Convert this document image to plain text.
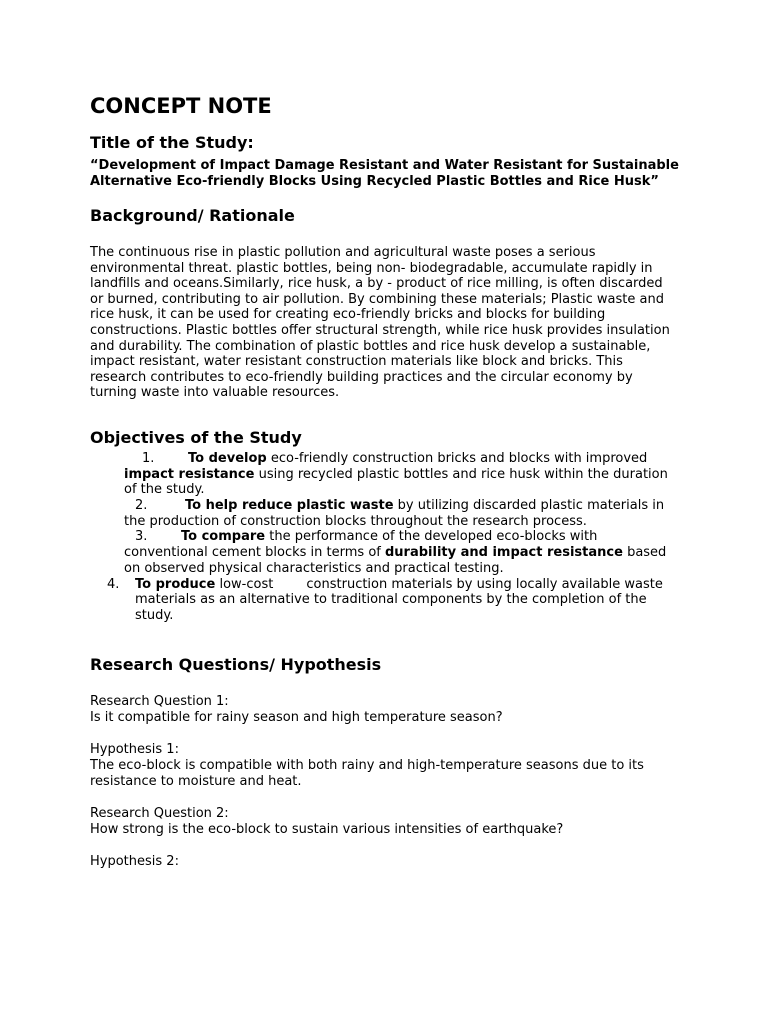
CONCEPT NOTE
Title of the Study:

“Development of Impact Damage Resistant and Water Resistant for Sustainable Alternative Eco-friendly Blocks Using Recycled Plastic Bottles and Rice Husk”

Background/ Rationale

The continuous rise in plastic pollution and agricultural waste poses a serious environmental threat. plastic bottles, being non- biodegradable, accumulate rapidly in landfills and oceans.Similarly, rice husk, a by - product of rice milling, is often discarded or burned, contributing to air pollution. By combining these materials; Plastic waste and rice husk, it can be used for creating eco-friendly bricks and blocks for building constructions. Plastic bottles offer structural strength, while rice husk provides insulation and durability. The combination of plastic bottles and rice husk develop a sustainable, impact resistant, water resistant construction materials like block and bricks. This research contributes to eco-friendly building practices and the circular economy by turning waste into valuable resources.

Objectives of the Study
1.	To develop eco-friendly construction bricks and blocks with improved impact resistance using recycled plastic bottles and rice husk within the duration of the study.
2.	To help reduce plastic waste by utilizing discarded plastic materials in the production of construction blocks throughout the research process.
3.	To compare the performance of the developed eco-blocks with conventional cement blocks in terms of durability and impact resistance based on observed physical characteristics and practical testing.
4. To produce low-cost        construction materials by using locally available waste materials as an alternative to traditional components by the completion of the study.
Research Questions/ Hypothesis

Research Question 1:

Is it compatible for rainy season and high temperature season?

Hypothesis 1:

The eco-block is compatible with both rainy and high-temperature seasons due to its resistance to moisture and heat.

Research Question 2:

How strong is the eco-block to sustain various intensities of earthquake?

Hypothesis 2:
